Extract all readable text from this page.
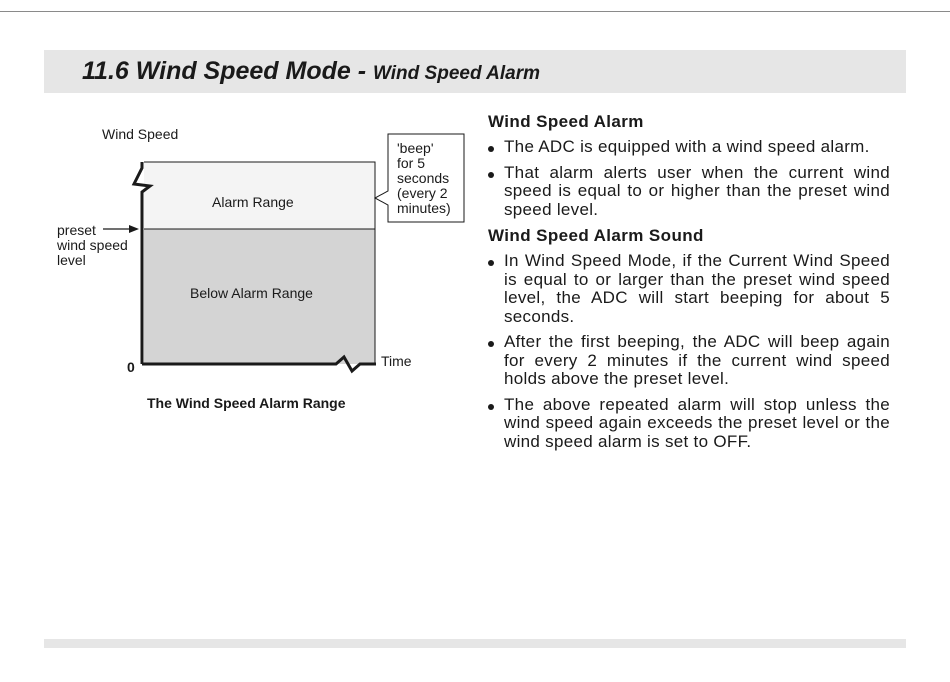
11.6 Wind Speed Mode - Wind Speed Alarm
Wind Speed
Time
0
Alarm Range
Below Alarm Range
preset
wind speed
level
'beep'
for 5
seconds
(every 2
minutes)
The Wind Speed Alarm Range
Wind Speed Alarm
The ADC is equipped with a wind speed alarm.
That alarm alerts user when the current wind speed is equal to or higher than the preset wind speed level.
Wind Speed Alarm Sound
In Wind Speed Mode, if the Current Wind Speed is equal to or larger than the preset wind speed level, the ADC will start beeping for about 5 seconds.
After the first beeping, the ADC will beep again for every 2 minutes if the current wind speed holds above the preset level.
The above repeated alarm will stop unless the wind speed again exceeds the preset level or the wind speed alarm is set to OFF.
